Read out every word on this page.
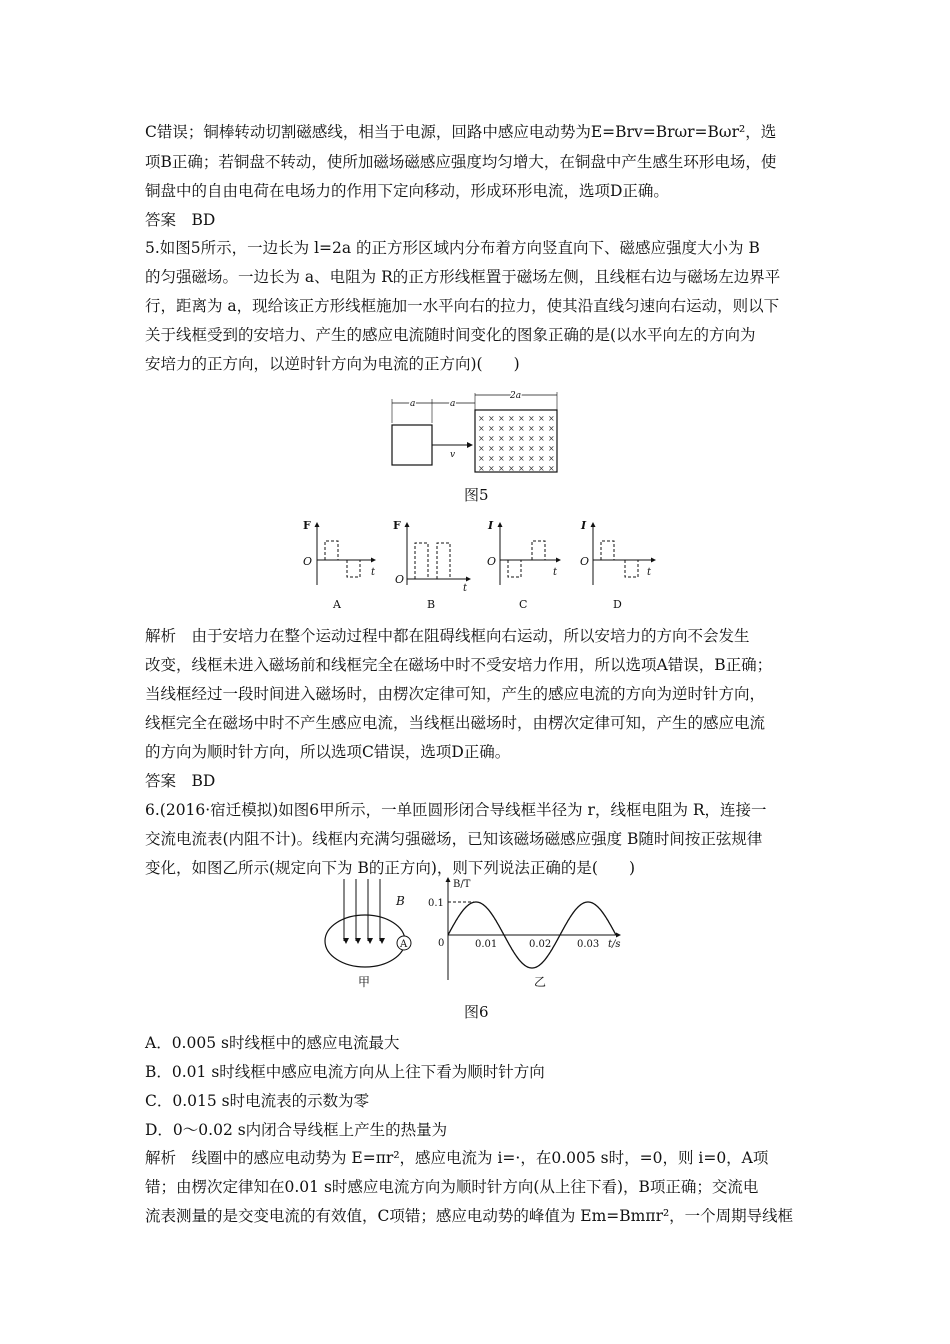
C错误；铜棒转动切割磁感线，相当于电源，回路中感应电动势为E=Brv=Brωr=Bωr²，选
项B正确；若铜盘不转动，使所加磁场磁感应强度均匀增大，在铜盘中产生感生环形电场，使
铜盘中的自由电荷在电场力的作用下定向移动，形成环形电流，选项D正确。
答案　BD
5.如图5所示，一边长为 l=2a 的正方形区域内分布着方向竖直向下、磁感应强度大小为 B
的匀强磁场。一边长为 a、电阻为 R的正方形线框置于磁场左侧，且线框右边与磁场左边界平
行，距离为 a，现给该正方形线框施加一水平向右的拉力，使其沿直线匀速向右运动，则以下
关于线框受到的安培力、产生的感应电流随时间变化的图象正确的是(以水平向左的方向为
安培力的正方向，以逆时针方向为电流的正方向)(　　)
× × × × × × × ×
× × × × × × × ×
× × × × × × × ×
× × × × × × × ×
× × × × × × × ×
× × × × × × × ×
a	a
2a
v
图5
F
O
t
A
F
O
t
B
I
O
t
C
I
O
t
D
解析　由于安培力在整个运动过程中都在阻碍线框向右运动，所以安培力的方向不会发生
改变，线框未进入磁场前和线框完全在磁场中时不受安培力作用，所以选项A错误，B正确；
当线框经过一段时间进入磁场时，由楞次定律可知，产生的感应电流的方向为逆时针方向，
线框完全在磁场中时不产生感应电流，当线框出磁场时，由楞次定律可知，产生的感应电流
的方向为顺时针方向，所以选项C错误，选项D正确。
答案　BD
6.(2016·宿迁模拟)如图6甲所示，一单匝圆形闭合导线框半径为 r，线框电阻为 R，连接一
交流电流表(内阻不计)。线框内充满匀强磁场，已知该磁场磁感应强度 B随时间按正弦规律
变化，如图乙所示(规定向下为 B的正方向)，则下列说法正确的是(　　)
B
A
甲
B/T
0.1
0	0.01	0.02	0.03 t/s
乙
图6
A．0.005 s时线框中的感应电流最大
B．0.01 s时线框中感应电流方向从上往下看为顺时针方向
C．0.015 s时电流表的示数为零
D．0～0.02 s内闭合导线框上产生的热量为
解析　线圈中的感应电动势为 E=πr²，感应电流为 i=·，在0.005 s时，=0，则 i=0，A项
错；由楞次定律知在0.01 s时感应电流方向为顺时针方向(从上往下看)，B项正确；交流电
流表测量的是交变电流的有效值，C项错；感应电动势的峰值为 Em=Bmπr²，一个周期导线框
